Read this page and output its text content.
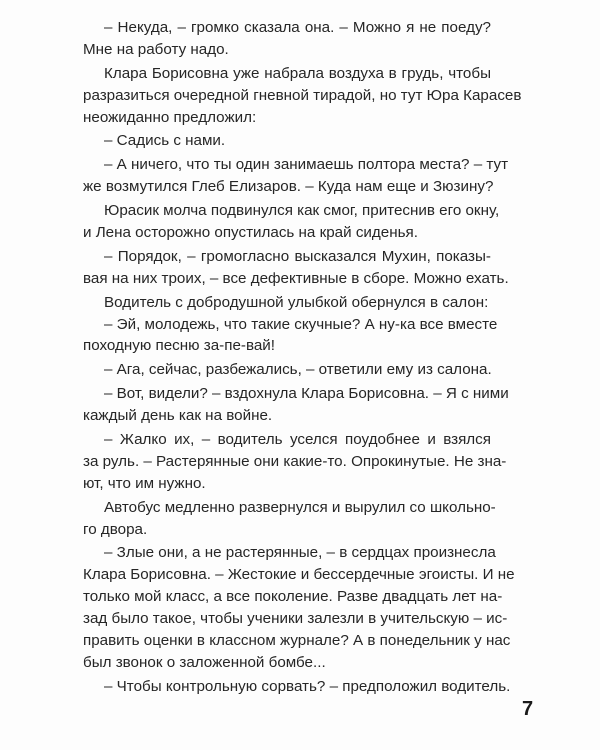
– Некуда, – громко сказала она. – Можно я не поеду?
Мне на работу надо.
Клара Борисовна уже набрала воздуха в грудь, чтобы
разразиться очередной гневной тирадой, но тут Юра Карасев
неожиданно предложил:
– Садись с нами.
– А ничего, что ты один занимаешь полтора места? – тут
же возмутился Глеб Елизаров. – Куда нам еще и Зюзину?
Юрасик молча подвинулся как смог, притеснив его окну,
и Лена осторожно опустилась на край сиденья.
– Порядок, – громогласно высказался Мухин, показы-
вая на них троих, – все дефективные в сборе. Можно ехать.
Водитель с добродушной улыбкой обернулся в салон:
– Эй, молодежь, что такие скучные? А ну-ка все вместе
походную песню за-пе-вай!
– Ага, сейчас, разбежались, – ответили ему из салона.
– Вот, видели? – вздохнула Клара Борисовна. – Я с ними
каждый день как на войне.
– Жалко их, – водитель уселся поудобнее и взялся
за руль. – Растерянные они какие-то. Опрокинутые. Не зна-
ют, что им нужно.
Автобус медленно развернулся и вырулил со школьно-
го двора.
– Злые они, а не растерянные, – в сердцах произнесла
Клара Борисовна. – Жестокие и бессердечные эгоисты. И не
только мой класс, а все поколение. Разве двадцать лет на-
зад было такое, чтобы ученики залезли в учительскую – ис-
править оценки в классном журнале? А в понедельник у нас
был звонок о заложенной бомбе...
– Чтобы контрольную сорвать? – предположил водитель.
7
